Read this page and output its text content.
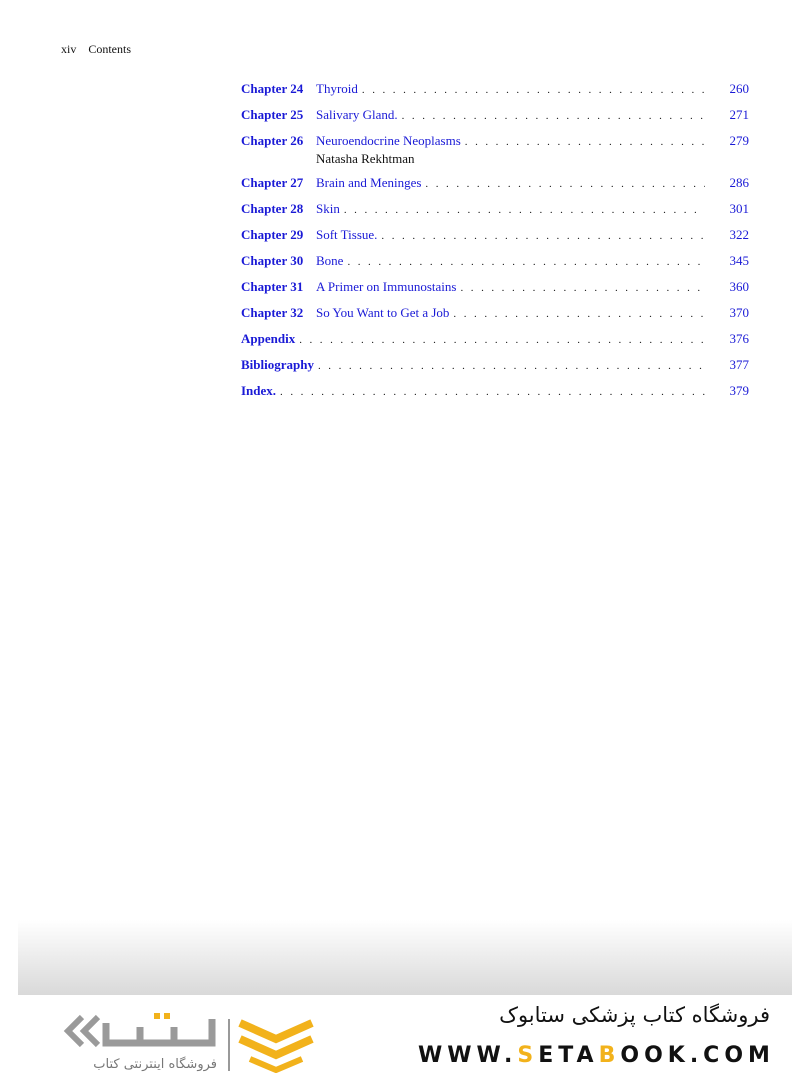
xiv Contents
Chapter 24 Thyroid . . .	260
Chapter 25 Salivary Gland. . . .	271
Chapter 26 Neuroendocrine Neoplasms . . .	279
Natasha Rekhtman
Chapter 27 Brain and Meninges . . .	286
Chapter 28 Skin . . .	301
Chapter 29 Soft Tissue. . . .	322
Chapter 30 Bone . . .	345
Chapter 31 A Primer on Immunostains . . .	360
Chapter 32 So You Want to Get a Job . . .	370
Appendix . . .	376
Bibliography . . .	377
Index. . . .	379
فروشگاه اینترنتی کتاب
فروشگاه کتاب پزشکی ستابوک
WWW.SETABOOK.COM
